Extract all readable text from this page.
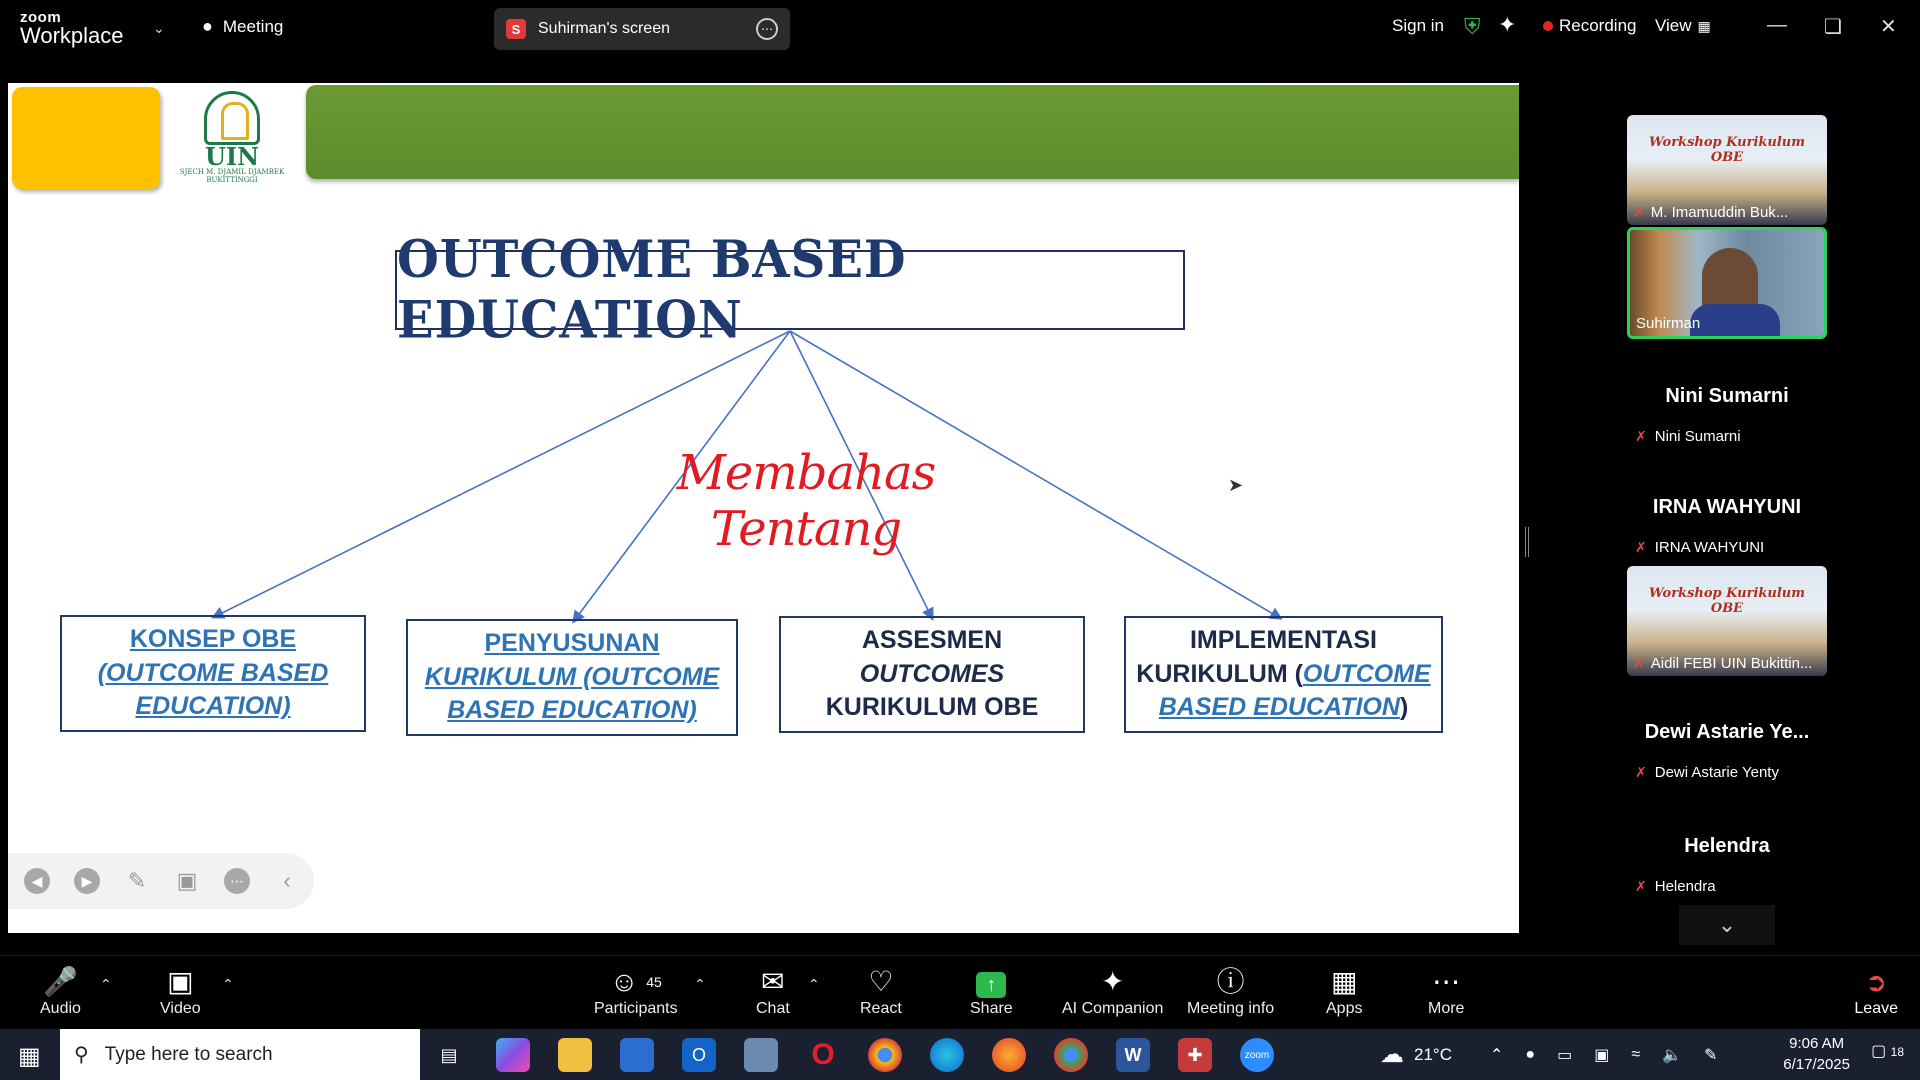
zoom
Workplace ⌄ ● Meeting	S	Suhirman's screen	⋯	Sign in ⛨ ✦	Recording View ▦	— ❏ ✕
UIN
SJECH M. DJAMIL DJAMBEK BUKITTINGGI
OUTCOME BASED EDUCATION
Membahas Tentang
KONSEP OBE
(OUTCOME BASED
EDUCATION)
PENYUSUNAN
KURIKULUM (OUTCOME
BASED EDUCATION)
ASSESMEN
OUTCOMES
KURIKULUM OBE
IMPLEMENTASI
KURIKULUM (OUTCOME
BASED EDUCATION)
➤
◀	▶	✎ ▣	⋯	‹
Workshop Kurikulum OBE
✗ M. Imamuddin Buk...
Suhirman
Nini Sumarni
✗ Nini Sumarni
IRNA WAHYUNI
✗ IRNA WAHYUNI
Workshop Kurikulum OBE
✗ Aidil FEBI UIN Bukittin...
Dewi Astarie Ye...
✗ Dewi Astarie Yenty
Helendra
✗ Helendra
⌄
🎤
Audio
⌃ ▣
Video
⌃	☺ $^{45}$
Participants
⌃ ✉
Chat
⌃ ♡
React
↑
Share
✦
AI Companion
ⓘ
Meeting info
▦
Apps
⋯
More
➲
Leave
▦ ⚲ Type here to search	▤	O	O	W	✚	zoom	☁ 21°C ⌃ ● ▭ ▣ ≈ 🔈 ✎
9:06 AM
6/17/2025
▢ 18
